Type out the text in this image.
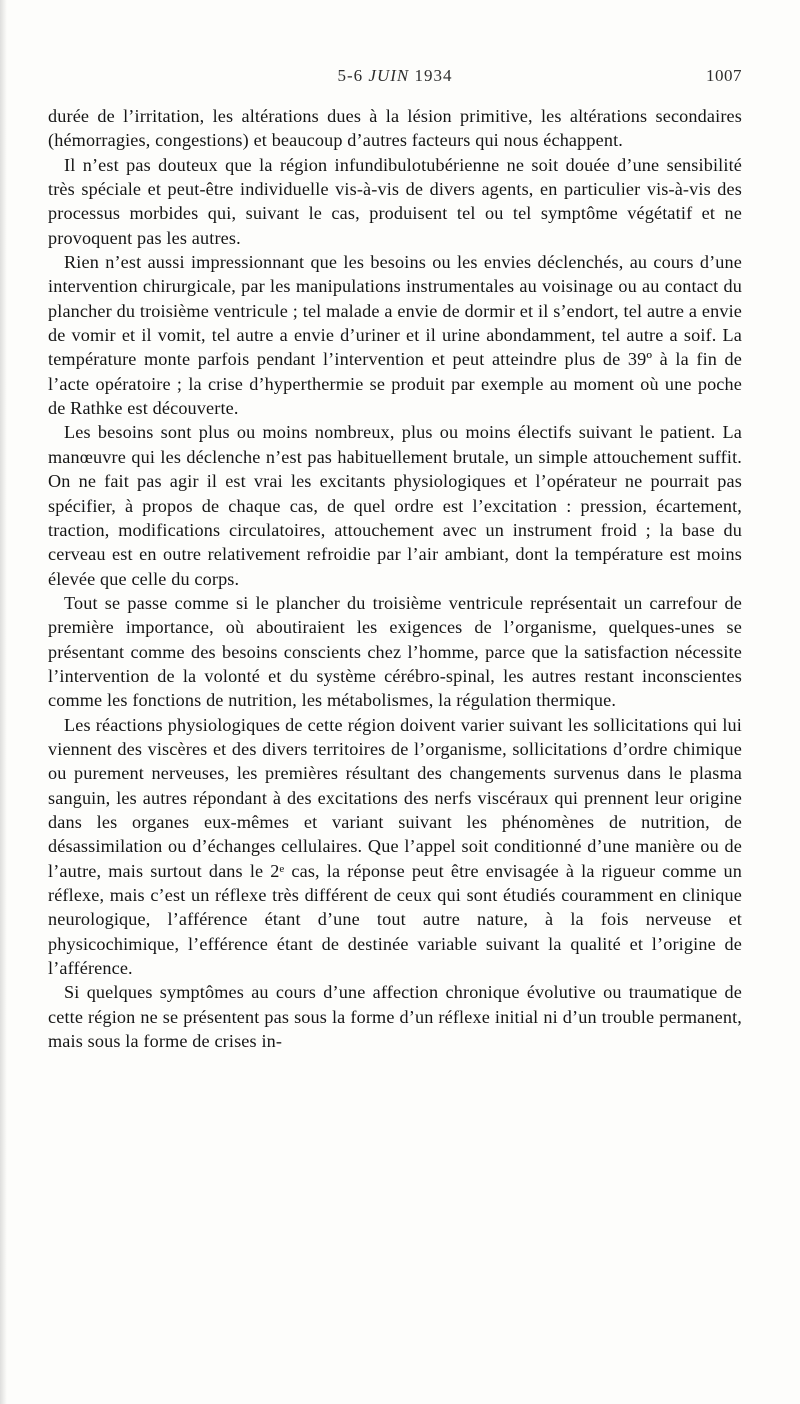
5-6 JUIN 1934	1007

durée de l’irritation, les altérations dues à la lésion primitive, les altérations secondaires (hémorragies, congestions) et beaucoup d’autres facteurs qui nous échappent.

Il n’est pas douteux que la région infundibulotubérienne ne soit douée d’une sensibilité très spéciale et peut-être individuelle vis-à-vis de divers agents, en particulier vis-à-vis des processus morbides qui, suivant le cas, produisent tel ou tel symptôme végétatif et ne provoquent pas les autres.

Rien n’est aussi impressionnant que les besoins ou les envies déclenchés, au cours d’une intervention chirurgicale, par les manipulations instrumentales au voisinage ou au contact du plancher du troisième ventricule ; tel malade a envie de dormir et il s’endort, tel autre a envie de vomir et il vomit, tel autre a envie d’uriner et il urine abondamment, tel autre a soif. La température monte parfois pendant l’intervention et peut atteindre plus de 39º à la fin de l’acte opératoire ; la crise d’hyperthermie se produit par exemple au moment où une poche de Rathke est découverte.

Les besoins sont plus ou moins nombreux, plus ou moins électifs suivant le patient. La manœuvre qui les déclenche n’est pas habituellement brutale, un simple attouchement suffit. On ne fait pas agir il est vrai les excitants physiologiques et l’opérateur ne pourrait pas spécifier, à propos de chaque cas, de quel ordre est l’excitation : pression, écartement, traction, modifications circulatoires, attouchement avec un instrument froid ; la base du cerveau est en outre relativement refroidie par l’air ambiant, dont la température est moins élevée que celle du corps.

Tout se passe comme si le plancher du troisième ventricule représentait un carrefour de première importance, où aboutiraient les exigences de l’organisme, quelques-unes se présentant comme des besoins conscients chez l’homme, parce que la satisfaction nécessite l’intervention de la volonté et du système cérébro-spinal, les autres restant inconscientes comme les fonctions de nutrition, les métabolismes, la régulation thermique.

Les réactions physiologiques de cette région doivent varier suivant les sollicitations qui lui viennent des viscères et des divers territoires de l’organisme, sollicitations d’ordre chimique ou purement nerveuses, les premières résultant des changements survenus dans le plasma sanguin, les autres répondant à des excitations des nerfs viscéraux qui prennent leur origine dans les organes eux-mêmes et variant suivant les phénomènes de nutrition, de désassimilation ou d’échanges cellulaires. Que l’appel soit conditionné d’une manière ou de l’autre, mais surtout dans le 2ᵉ cas, la réponse peut être envisagée à la rigueur comme un réflexe, mais c’est un réflexe très différent de ceux qui sont étudiés couramment en clinique neurologique, l’afférence étant d’une tout autre nature, à la fois nerveuse et physicochimique, l’efférence étant de destinée variable suivant la qualité et l’origine de l’afférence.

Si quelques symptômes au cours d’une affection chronique évolutive ou traumatique de cette région ne se présentent pas sous la forme d’un réflexe initial ni d’un trouble permanent, mais sous la forme de crises in-
